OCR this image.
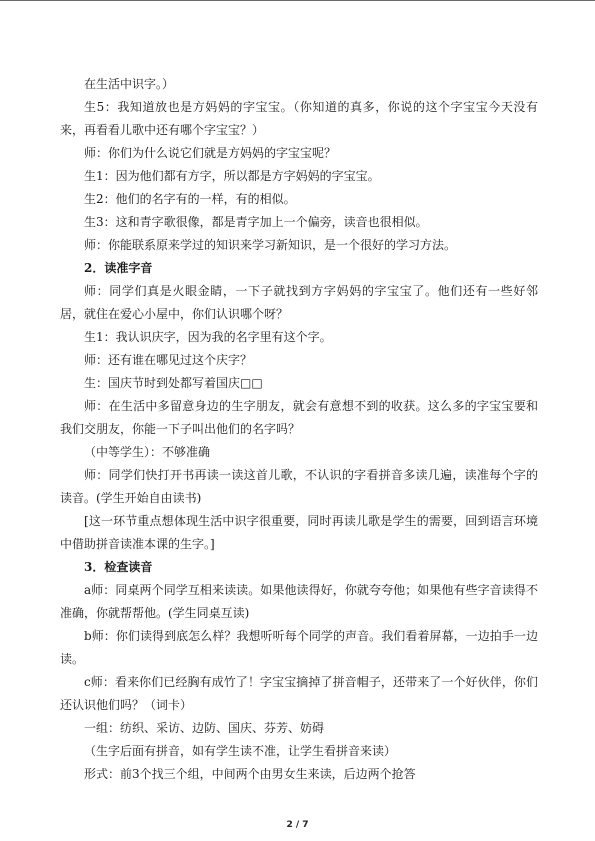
在生活中识字。）

生5：我知道放也是方妈妈的字宝宝。（你知道的真多，你说的这个字宝宝今天没有来，再看看儿歌中还有哪个字宝宝？）

师：你们为什么说它们就是方妈妈的字宝宝呢？

生1：因为他们都有方字，所以都是方字妈妈的字宝宝。

生2：他们的名字有的一样，有的相似。

生3：这和青字歌很像，都是青字加上一个偏旁，读音也很相似。

师：你能联系原来学过的知识来学习新知识，是一个很好的学习方法。

2．读准字音

师：同学们真是火眼金睛，一下子就找到方字妈妈的字宝宝了。他们还有一些好邻居，就住在爱心小屋中，你们认识哪个呀？

生1：我认识庆字，因为我的名字里有这个字。

师：还有谁在哪见过这个庆字？

生：国庆节时到处都写着国庆□□

师：在生活中多留意身边的生字朋友，就会有意想不到的收获。这么多的字宝宝要和我们交朋友，你能一下子叫出他们的名字吗？

（中等学生）：不够准确

师：同学们快打开书再读一读这首儿歌，不认识的字看拼音多读几遍，读准每个字的读音。(学生开始自由读书)

[这一环节重点想体现生活中识字很重要，同时再读儿歌是学生的需要，回到语言环境中借助拼音读准本课的生字。]

3．检查读音

a师：同桌两个同学互相来读读。如果他读得好，你就夸夸他；如果他有些字音读得不准确，你就帮帮他。(学生同桌互读)

b师：你们读得到底怎么样？我想听听每个同学的声音。我们看着屏幕，一边拍手一边读。

c师：看来你们已经胸有成竹了！字宝宝摘掉了拼音帽子，还带来了一个好伙伴，你们还认识他们吗？（词卡）

一组：纺织、采访、边防、国庆、芬芳、妨碍

（生字后面有拼音，如有学生读不准，让学生看拼音来读）

形式：前3个找三个组，中间两个由男女生来读，后边两个抢答

2 / 7
